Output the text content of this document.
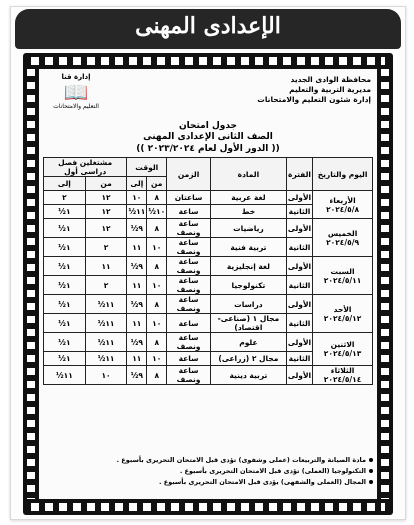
الإعدادى المهنى
إدارة قنا
📖
التعليم والامتحانات
محافظة الوادى الجديد
مديرية التربية والتعليم
إدارة شئون التعليم والامتحانات
جدول امتحان
الصف الثانى الإعدادى المهنى
(( الدور الأول لعام ٢٠٢٣/٢٠٢٤ ))
اليوم والتاريخ	الفترة	المادة	الزمن	الوقت		مشتغلين فصل دراسى أول	
				من	إلى	من	إلى
الأربعاء ٢٠٢٤/٥/٨	الأولى	لغة عربية	ساعتان	٨	١٠	١٢	٢
	الثانية	خط	ساعة	١٠½	١١½	١٢	١½
الخميس ٢٠٢٤/٥/٩	الأولى	رياضيات	ساعة ونصف	٨	٩½	١٢	١½
	الثانية	تربية فنية	ساعة ونصف	١٠	١١	٢	١½
السبت ٢٠٢٤/٥/١١	الأولى	لغة إنجليزية	ساعة ونصف	٨	٩½	١١	١½
	الثانية	تكنولوجيا	ساعة ونصف	١٠	١١	٢	١½
الأحد ٢٠٢٤/٥/١٢	الأولى	دراسات	ساعة ونصف	٨	٩½	١١½	١½
	الثانية	مجال ١ (صناعى-اقتصاد)	ساعة	١٠	١١	١١½	١½
الاثنين ٢٠٢٤/٥/١٣	الأولى	علوم	ساعة ونصف	٨	٩½	١١½	١½
	الثانية	مجال ٢ (زراعى)	ساعة	١٠	١١	١١½	١½
الثلاثاء ٢٠٢٤/٥/١٤	الأولى	تربية دينية	ساعة ونصف	٨	٩½	١٠	١١½
مادة الصيانة والتربيعات (عملى وشفوى) تؤدى قبل الامتحان التحريرى بأسبوع .
التكنولوجيا (العملى) تؤدى قبل الامتحان التحريرى بأسبوع .
المجال (العملى والشفهى) يؤدى قبل الامتحان التحريرى بأسبوع .
